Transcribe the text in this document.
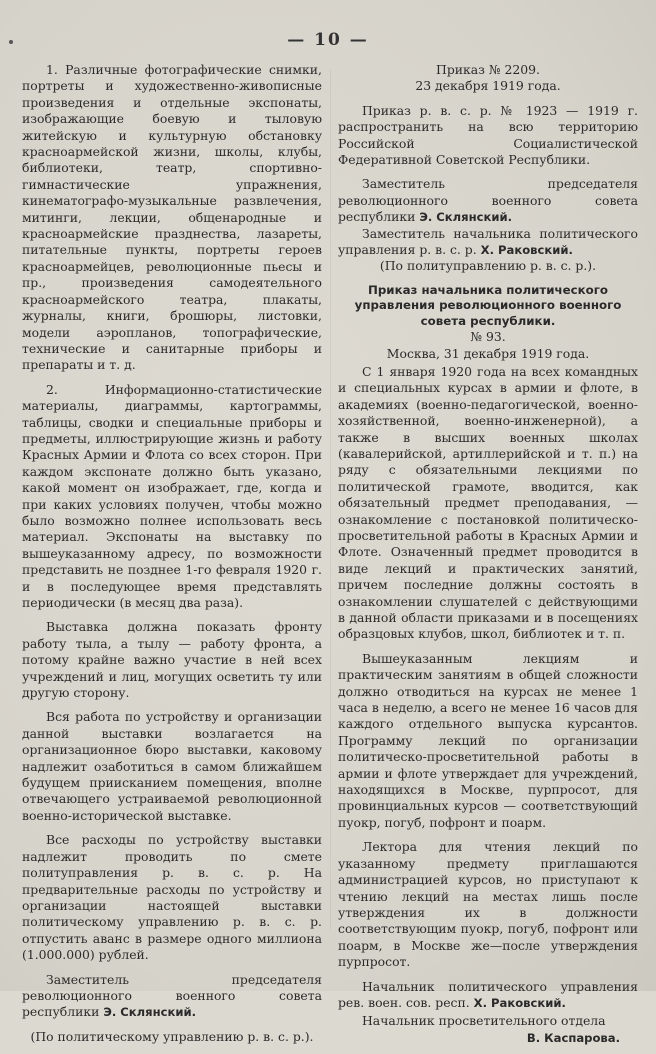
— 10 —

1. Различные фотографические снимки, портреты и художественно-живописные произведения и отдельные экспонаты, изображающие боевую и тыловую житейскую и культурную обстановку красноармейской жизни, школы, клубы, библиотеки, театр, спортивно-гимнастические упражнения, кинематографо-музыкальные развлечения, митинги, лекции, общенародные и красноармейские празднества, лазареты, питательные пункты, портреты героев красноармейцев, революционные пьесы и пр., произведения самодеятельного красноармейского театра, плакаты, журналы, книги, брошюры, листовки, модели аэропланов, топографические, технические и санитарные приборы и препараты и т. д.

2. Информационно-статистические материалы, диаграммы, картограммы, таблицы, сводки и специальные приборы и предметы, иллюстрирующие жизнь и работу Красных Армии и Флота со всех сторон. При каждом экспонате должно быть указано, какой момент он изображает, где, когда и при каких условиях получен, чтобы можно было возможно полнее использовать весь материал. Экспонаты на выставку по вышеуказанному адресу, по возможности представить не позднее 1-го февраля 1920 г. и в последующее время представлять периодически (в месяц два раза).

Выставка должна показать фронту работу тыла, а тылу — работу фронта, а потому крайне важно участие в ней всех учреждений и лиц, могущих осветить ту или другую сторону.

Вся работа по устройству и организации данной выставки возлагается на организационное бюро выставки, каковому надлежит озаботиться в самом ближайшем будущем приисканием помещения, вполне отвечающего устраиваемой революционной военно-исторической выставке.

Все расходы по устройству выставки надлежит проводить по смете политуправления р. в. с. р. На предварительные расходы по устройству и организации настоящей выставки политическому управлению р. в. с. р. отпустить аванс в размере одного миллиона (1.000.000) рублей.

Заместитель председателя революционного военного совета республики Э. Склянский.

(По политическому управлению р. в. с. р.).

Приказ № 2209.

23 декабря 1919 года.

Приказ р. в. с. р. № 1923 — 1919 г. распространить на всю территорию Российской Социалистической Федеративной Советской Республики.

Заместитель председателя революционного военного совета республики Э. Склянский.

Заместитель начальника политического управления р. в. с. р. Х. Раковский.

(По политуправлению р. в. с. р.).

Приказ начальника политического управления революционного военного совета республики.

№ 93.

Москва, 31 декабря 1919 года.

С 1 января 1920 года на всех командных и специальных курсах в армии и флоте, в академиях (военно-педагогической, военно-хозяйственной, военно-инженерной), а также в высших военных школах (кавалерийской, артиллерийской и т. п.) на ряду с обязательными лекциями по политической грамоте, вводится, как обязательный предмет преподавания, — ознакомление с постановкой политическо-просветительной работы в Красных Армии и Флоте. Означенный предмет проводится в виде лекций и практических занятий, причем последние должны состоять в ознакомлении слушателей с действующими в данной области приказами и в посещениях образцовых клубов, школ, библиотек и т. п.

Вышеуказанным лекциям и практическим занятиям в общей сложности должно отводиться на курсах не менее 1 часа в неделю, а всего не менее 16 часов для каждого отдельного выпуска курсантов. Программу лекций по организации политическо-просветительной работы в армии и флоте утверждает для учреждений, находящихся в Москве, пурпросот, для провинциальных курсов — соответствующий пуокр, погуб, пофронт и поарм.

Лектора для чтения лекций по указанному предмету приглашаются администрацией курсов, но приступают к чтению лекций на местах лишь после утверждения их в должности соответствующим пуокр, погуб, пофронт или поарм, в Москве же—после утверждения пурпросот.

Начальник политического управления рев. воен. сов. респ. Х. Раковский.

Начальник просветительного отдела

В. Каспарова.
